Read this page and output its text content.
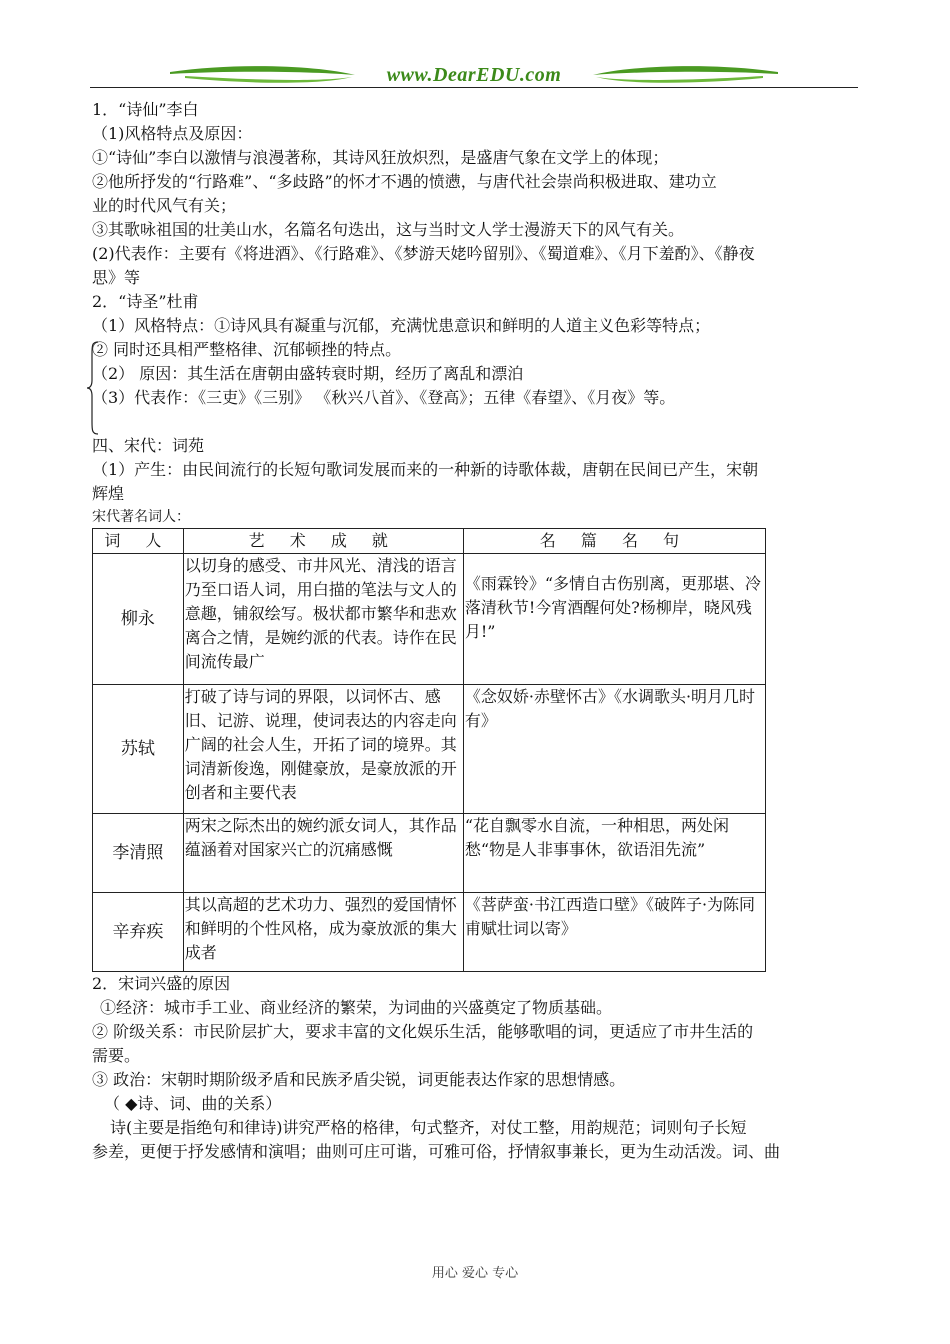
www.DearEDU.com

1．“诗仙”李白

（1)风格特点及原因：

①“诗仙”李白以激情与浪漫著称，其诗风狂放炽烈，是盛唐气象在文学上的体现；

②他所抒发的“行路难”、“多歧路”的怀才不遇的愤懑，与唐代社会崇尚积极进取、建功立

业的时代风气有关；

③其歌咏祖国的壮美山水，名篇名句迭出，这与当时文人学士漫游天下的风气有关。

(2)代表作：主要有《将进酒》、《行路难》、《梦游天姥吟留别》、《蜀道难》、《月下羞酌》、《静夜

思》等

2．“诗圣”杜甫

（1）风格特点：①诗风具有凝重与沉郁，充满忧患意识和鲜明的人道主义色彩等特点；

② 同时还具相严整格律、沉郁顿挫的特点。

（2） 原因：其生活在唐朝由盛转衰时期，经历了离乱和漂泊

（3）代表作：《三吏》《三别》 《秋兴八首》、《登高》；五律《春望》、《月夜》等。

四、宋代：词苑

（1）产生：由民间流行的长短句歌词发展而来的一种新的诗歌体裁，唐朝在民间已产生，宋朝

辉煌

宋代著名词人：

词 人	艺 术 成 就	名 篇 名 句
柳永	以切身的感受、市井风光、清浅的语言乃至口语人词，用白描的笔法与文人的意趣，铺叙绘写。极状都市繁华和悲欢离合之情，是婉约派的代表。诗作在民间流传最广	《雨霖铃》“多情自古伤别离，更那堪、冷落清秋节!今宵酒醒何处?杨柳岸，晓风残月!”
苏轼	打破了诗与词的界限，以词怀古、感旧、记游、说理，使词表达的内容走向广阔的社会人生，开拓了词的境界。其词清新俊逸，刚健豪放，是豪放派的开创者和主要代表	《念奴娇·赤壁怀古》《水调歌头·明月几时有》
李清照	两宋之际杰出的婉约派女词人，其作品蕴涵着对国家兴亡的沉痛感慨	“花自飘零水自流，一种相思，两处闲愁“物是人非事事休，欲语泪先流”
辛弃疾	其以高超的艺术功力、强烈的爱国情怀和鲜明的个性风格，成为豪放派的集大成者	《菩萨蛮·书江西造口壁》《破阵子·为陈同甫赋壮词以寄》

2．宋词兴盛的原因

①经济：城市手工业、商业经济的繁荣，为词曲的兴盛奠定了物质基础。

② 阶级关系：市民阶层扩大，要求丰富的文化娱乐生活，能够歌唱的词，更适应了市井生活的

需要。

③ 政治：宋朝时期阶级矛盾和民族矛盾尖锐，词更能表达作家的思想情感。

（ ◆诗、词、曲的关系）

诗(主要是指绝句和律诗)讲究严格的格律，句式整齐，对仗工整，用韵规范；词则句子长短

参差，更便于抒发感情和演唱；曲则可庄可谐，可雅可俗，抒情叙事兼长，更为生动活泼。词、曲

用心 爱心 专心
